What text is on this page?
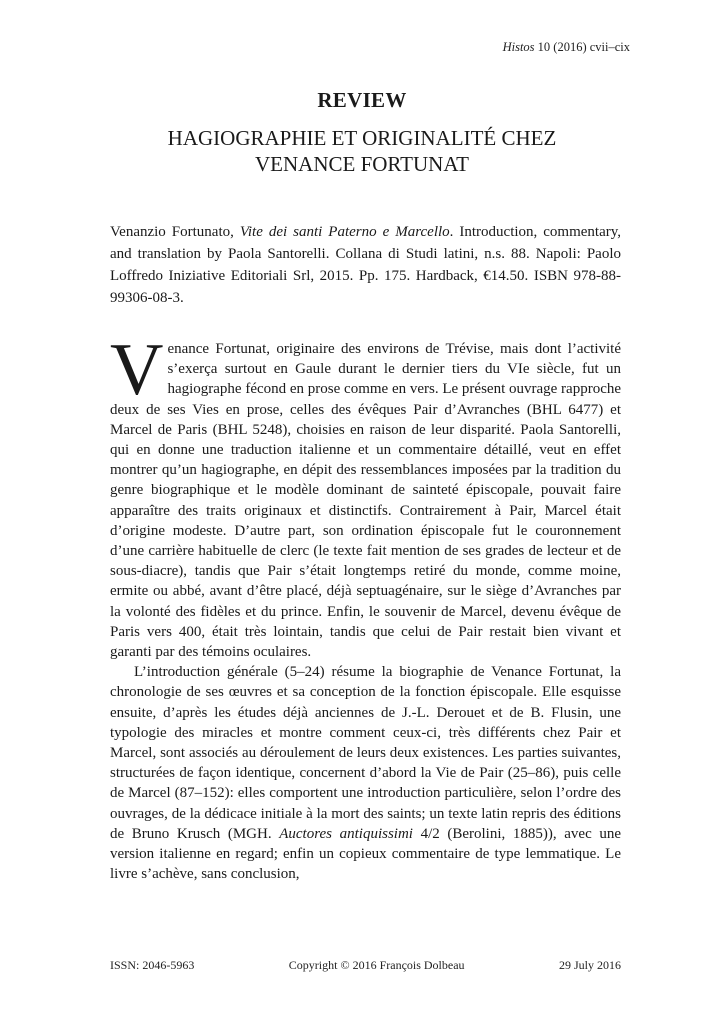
Histos 10 (2016) cvii–cix
REVIEW
HAGIOGRAPHIE ET ORIGINALITÉ CHEZ
VENANCE FORTUNAT

Venanzio Fortunato, Vite dei santi Paterno e Marcello. Introduction, commentary, and translation by Paola Santorelli. Collana di Studi latini, n.s. 88. Napoli: Paolo Loffredo Iniziative Editoriali Srl, 2015. Pp. 175. Hardback, €14.50. ISBN 978-88-99306-08-3.

Venance Fortunat, originaire des environs de Trévise, mais dont l’activité s’exerça surtout en Gaule durant le dernier tiers du VIe siècle, fut un hagiographe fécond en prose comme en vers. Le présent ouvrage rapproche deux de ses Vies en prose, celles des évêques Pair d’Avranches (BHL 6477) et Marcel de Paris (BHL 5248), choisies en raison de leur disparité. Paola Santorelli, qui en donne une traduction italienne et un commentaire détaillé, veut en effet montrer qu’un hagiographe, en dépit des ressemblances imposées par la tradition du genre biographique et le modèle dominant de sainteté épiscopale, pouvait faire apparaître des traits originaux et distinctifs. Contrairement à Pair, Marcel était d’origine modeste. D’autre part, son ordination épiscopale fut le couronnement d’une carrière habituelle de clerc (le texte fait mention de ses grades de lecteur et de sous-diacre), tandis que Pair s’était longtemps retiré du monde, comme moine, ermite ou abbé, avant d’être placé, déjà septuagénaire, sur le siège d’Avranches par la volonté des fidèles et du prince. Enfin, le souvenir de Marcel, devenu évêque de Paris vers 400, était très lointain, tandis que celui de Pair restait bien vivant et garanti par des témoins oculaires.

L’introduction générale (5–24) résume la biographie de Venance Fortunat, la chronologie de ses œuvres et sa conception de la fonction épiscopale. Elle esquisse ensuite, d’après les études déjà anciennes de J.-L. Derouet et de B. Flusin, une typologie des miracles et montre comment ceux-ci, très différents chez Pair et Marcel, sont associés au déroulement de leurs deux existences. Les parties suivantes, structurées de façon identique, concernent d’abord la Vie de Pair (25–86), puis celle de Marcel (87–152): elles comportent une introduction particulière, selon l’ordre des ouvrages, de la dédicace initiale à la mort des saints; un texte latin repris des éditions de Bruno Krusch (MGH. Auctores antiquissimi 4/2 (Berolini, 1885)), avec une version italienne en regard; enfin un copieux commentaire de type lemmatique. Le livre s’achève, sans conclusion,

ISSN: 2046-5963	Copyright © 2016 François Dolbeau	29 July 2016
